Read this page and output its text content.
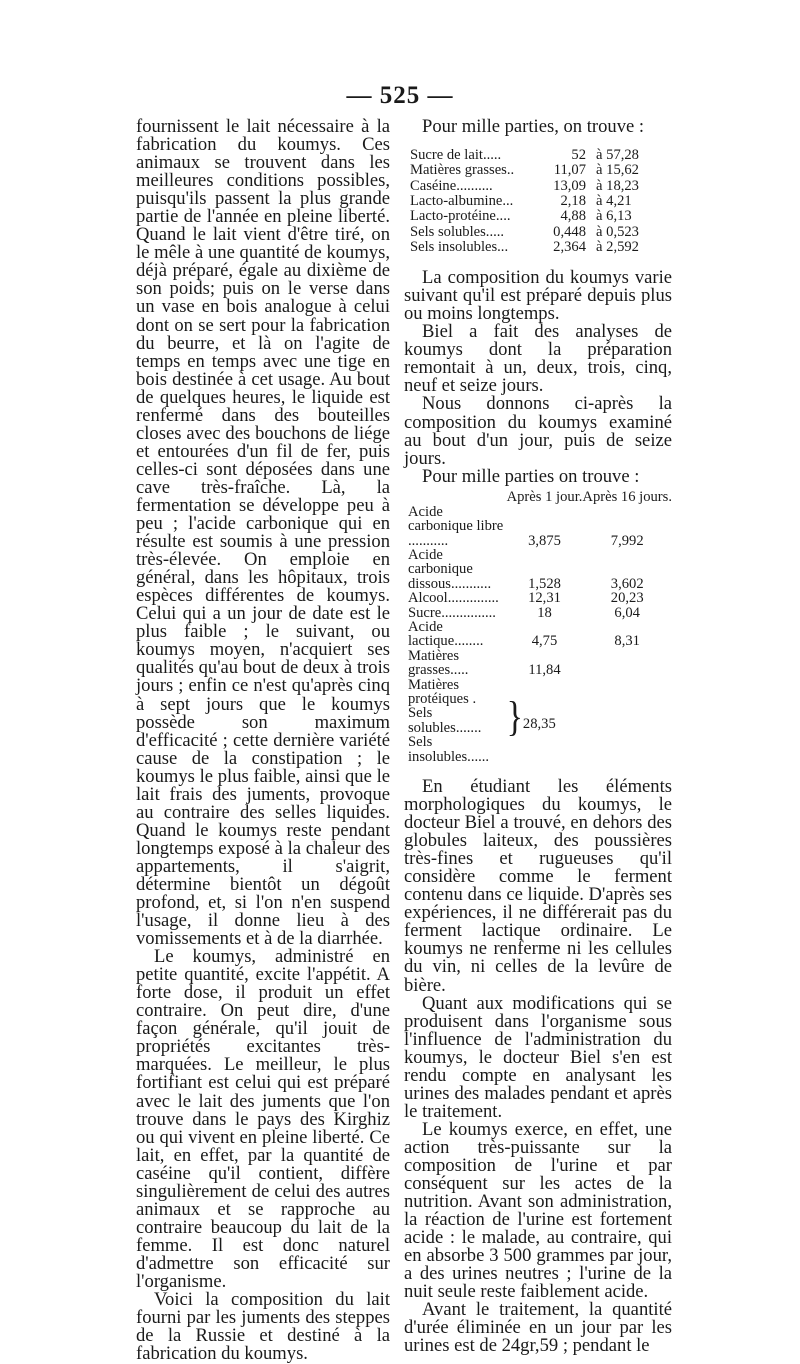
— 525 —

fournissent le lait nécessaire à la fabrication du koumys. Ces animaux se trouvent dans les meilleures conditions possibles, puisqu'ils passent la plus grande partie de l'année en pleine liberté. Quand le lait vient d'être tiré, on le mêle à une quantité de koumys, déjà préparé, égale au dixième de son poids; puis on le verse dans un vase en bois analogue à celui dont on se sert pour la fabrication du beurre, et là on l'agite de temps en temps avec une tige en bois destinée à cet usage. Au bout de quelques heures, le liquide est renfermé dans des bouteilles closes avec des bouchons de liége et entourées d'un fil de fer, puis celles-ci sont déposées dans une cave très-fraîche. Là, la fermentation se développe peu à peu ; l'acide carbonique qui en résulte est soumis à une pression très-élevée. On emploie en général, dans les hôpitaux, trois espèces différentes de koumys. Celui qui a un jour de date est le plus faible ; le suivant, ou koumys moyen, n'acquiert ses qualités qu'au bout de deux à trois jours ; enfin ce n'est qu'après cinq à sept jours que le koumys possède son maximum d'efficacité ; cette dernière variété cause de la constipation ; le koumys le plus faible, ainsi que le lait frais des juments, provoque au contraire des selles liquides. Quand le koumys reste pendant longtemps exposé à la chaleur des appartements, il s'aigrit, détermine bientôt un dégoût profond, et, si l'on n'en suspend l'usage, il donne lieu à des vomissements et à de la diarrhée.

Le koumys, administré en petite quantité, excite l'appétit. A forte dose, il produit un effet contraire. On peut dire, d'une façon générale, qu'il jouit de propriétés excitantes très-marquées. Le meilleur, le plus fortifiant est celui qui est préparé avec le lait des juments que l'on trouve dans le pays des Kirghiz ou qui vivent en pleine liberté. Ce lait, en effet, par la quantité de caséine qu'il contient, diffère singulièrement de celui des autres animaux et se rapproche au contraire beaucoup du lait de la femme. Il est donc naturel d'admettre son efficacité sur l'organisme.

Voici la composition du lait fourni par les juments des steppes de la Russie et destiné à la fabrication du koumys.

Pour mille parties, on trouve :

Sucre de lait.....	52	à 57,28
Matières grasses..	11,07	à 15,62
Caséine..........	13,09	à 18,23
Lacto-albumine...	2,18	à 4,21
Lacto-protéine....	4,88	à 6,13
Sels solubles.....	0,448	à 0,523
Sels insolubles...	2,364	à 2,592

La composition du koumys varie suivant qu'il est préparé depuis plus ou moins longtemps.

Biel a fait des analyses de koumys dont la préparation remontait à un, deux, trois, cinq, neuf et seize jours.

Nous donnons ci-après la composition du koumys examiné au bout d'un jour, puis de seize jours.

Pour mille parties on trouve :

	Après 1 jour.	Après 16 jours.
Acide carbonique libre ...........	3,875	7,992
Acide carbonique dissous...........	1,528	3,602
Alcool..............	12,31	20,23
Sucre...............	18	6,04
Acide lactique........	4,75	8,31
Matières grasses.....	11,84	

Matières protéiques .
Sels solubles.......
Sels insolubles......	}28,35	

En étudiant les éléments morphologiques du koumys, le docteur Biel a trouvé, en dehors des globules laiteux, des poussières très-fines et rugueuses qu'il considère comme le ferment contenu dans ce liquide. D'après ses expériences, il ne différerait pas du ferment lactique ordinaire. Le koumys ne renferme ni les cellules du vin, ni celles de la levûre de bière.

Quant aux modifications qui se produisent dans l'organisme sous l'influence de l'administration du koumys, le docteur Biel s'en est rendu compte en analysant les urines des malades pendant et après le traitement.

Le koumys exerce, en effet, une action très-puissante sur la composition de l'urine et par conséquent sur les actes de la nutrition. Avant son administration, la réaction de l'urine est fortement acide : le malade, au contraire, qui en absorbe 3 500 grammes par jour, a des urines neutres ; l'urine de la nuit seule reste faiblement acide.

Avant le traitement, la quantité d'urée éliminée en un jour par les urines est de 24gr,59 ; pendant le
